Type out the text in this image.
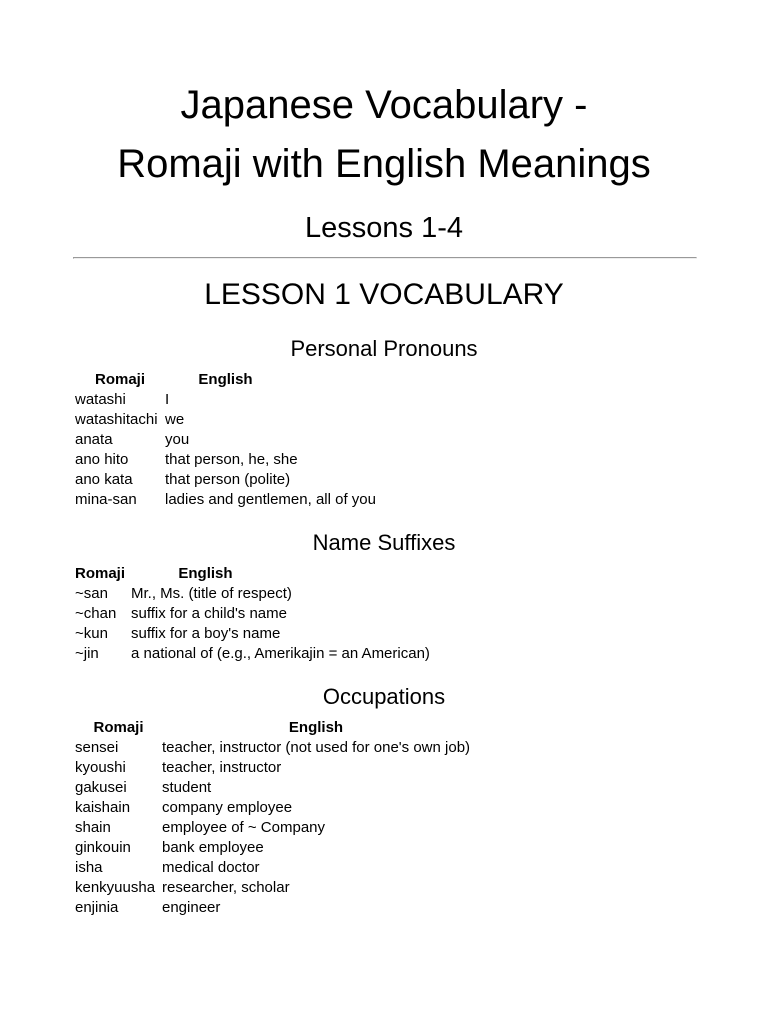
Japanese Vocabulary -
Romaji with English Meanings
Lessons 1-4
LESSON 1 VOCABULARY
Personal Pronouns
Romaji	English
watashi	I
watashitachi	we
anata	you
ano hito	that person, he, she
ano kata	that person (polite)
mina-san	ladies and gentlemen, all of you
Name Suffixes
Romaji	English
~san	Mr., Ms. (title of respect)
~chan	suffix for a child's name
~kun	suffix for a boy's name
~jin	a national of (e.g., Amerikajin = an American)
Occupations
Romaji	English
sensei	teacher, instructor (not used for one's own job)
kyoushi	teacher, instructor
gakusei	student
kaishain	company employee
shain	employee of ~ Company
ginkouin	bank employee
isha	medical doctor
kenkyuusha	researcher, scholar
enjinia	engineer
